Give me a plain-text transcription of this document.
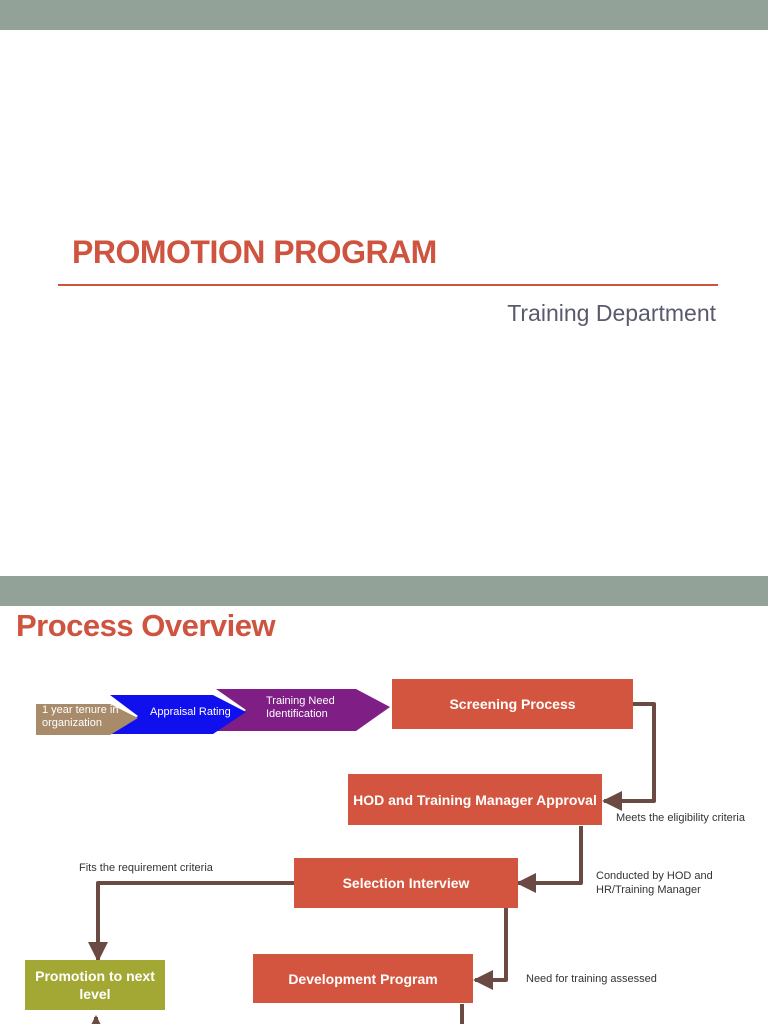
PROMOTION PROGRAM
Training Department
Process Overview
1 year tenure in organization
Appraisal Rating
Training Need Identification
Screening Process
HOD and Training Manager Approval
Selection Interview
Development Program
Promotion to next level
Meets the eligibility criteria
Conducted by HOD and HR/Training Manager
Fits the requirement criteria
Need for training assessed
